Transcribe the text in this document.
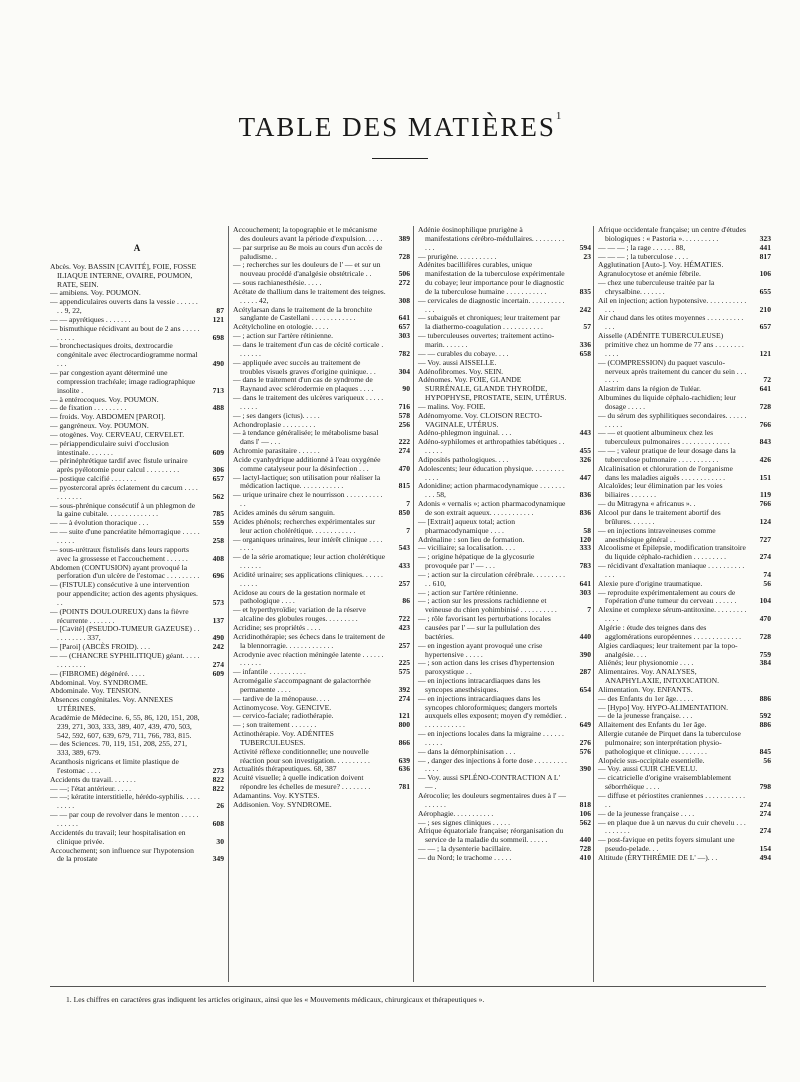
TABLE DES MATIÈRES$^1$
A
Abcès. Voy. BASSIN [CAVITÉ], FOIE, FOSSE ILIAQUE INTERNE, OVAIRE, POUMON, RATE, SEIN.
— amibiens. Voy. POUMON.
— appendiculaires ouverts dans la vessie . . . . . . . . 9, 22,	87
— — apyrétiques . . . . . . .	121
— bismuthique récidivant au bout de 2 ans . . . . . . . . . .	698
— bronchectasiques droits, dextrocardie congénitale avec électrocardiogramme normal . . .	490
— par congestion ayant déterminé une compression trachéale; image radiographique insolite .	713
— à entérocoques. Voy. POUMON.
— de fixation . . . . . . . . .	488
— froids. Voy. ABDOMEN [PAROI].
— gangréneux. Voy. POUMON.
— otogènes. Voy. CERVEAU, CERVELET.
— périappendiculaire suivi d'occlusion intestinale. . . . . . .	609
— périnéphrétique tardif avec fistule urinaire après pyélotomie pour calcul . . . . . . . . .	306
— postique calcifié . . . . . . .	657
— pyostercoral après éclatement du cæcum . . . . . . . . . . .	562
— sous-phrénique consécutif à un phlegmon de la gaine cubitale. . . . . . . . . . . . . .	785
— — à évolution thoracique . . .	559
— — suite d'une pancréatite hémorragique . . . . . . . . . .	258
— sous-urétraux fistulisés dans leurs rapports avec la grossesse et l'accouchement . . . . . .	408
Abdomen (CONTUSION) ayant provoqué la perforation d'un ulcère de l'estomac . . . . . . . . . 696
— (FISTULE) consécutive à une intervention pour appendicite; action des agents physiques. . .	573
— (POINTS DOULOUREUX) dans la fièvre récurrente . . . . . . .	137
— [Cavité] (PSEUDO-TUMEUR GAZEUSE) . . . . . . . . . . 337,	490
— [Paroi] (ABCÈS FROID). . . .	242
— — (CHANCRE SYPHILITIQUE) géant. . . . . . . . . . . . .	274
— (FIBROME) dégénéré. . . . .	609
Abdominal. Voy. SYNDROME.
Abdominale. Voy. TENSION.
Absences congénitales. Voy. ANNEXES UTÉRINES.
Académie de Médecine. 6, 55, 86, 120, 151, 208, 239, 271, 303, 333, 389, 407, 439, 470, 503, 542, 592, 607, 639, 679, 711, 766, 783, 815.
— des Sciences. 70, 119, 151, 208, 255, 271, 333, 389, 679.
Acanthosis nigricans et limite plastique de l'estomac . . . .	273
Accidents du travail. . . . . . .	822
— —; l'état antérieur. . . . .	822
— —; kératite interstitielle, hérédo-syphilis. . . . . . . . . .	26
— — par coup de revolver dans le menton . . . . . . . . . . .	608
Accidentés du travail; leur hospitalisation en clinique privée.	30
Accouchement; son influence sur l'hypotension de la prostate	349
Accouchement; la topographie et le mécanisme des douleurs avant la période d'expulsion. . . . . 389
— par surprise au 8e mois au cours d'un accès de paludisme. .	728
— ; recherches sur les douleurs de l' — et sur un nouveau procédé d'analgésie obstétricale . .	506
— sous rachianesthésie. . . . .	272
Acétate de thallium dans le traitement des teignes. . . . . . 42,	308
Acétylarsan dans le traitement de la bronchite sanglante de Castellani . . . . . . . . . . . .	641
Acétylcholine en otologie. . . . .	657
— ; action sur l'artère rétinienne.	303
— dans le traitement d'un cas de cécité corticale . . . . . . .	782
— appliquée avec succès au traitement de troubles visuels graves d'origine quinique. . .	304
— dans le traitement d'un cas de syndrome de Raynaud avec sclérodermie en plaques . . . .	90
— dans le traitement des ulcères variqueux . . . . . . . . . .	716
— ; ses dangers (ictus). . . . .	578
Achondroplasie . . . . . . . . .	256
— à tendance généralisée; le métabolisme basal dans l' — . . .	222
Achromie parasitaire . . . . . .	274
Acide cyanhydrique additionné à l'eau oxygénée comme catalyseur pour la désinfection . . .	470
— lactyl-lactique; son utilisation pour réaliser la médication lactique. . . . . . . . . . . .	815
— urique urinaire chez le nourrisson . . . . . . . . . . . .	7
Acides aminés du sérum sanguin.	850
Acides phénols; recherches expérimentales sur leur action cholérétique. . . . . . . . . . . .	7
— organiques urinaires, leur intérêt clinique . . . . . . . .	543
— de la série aromatique; leur action cholérétique . . . . . .	433
Acidité urinaire; ses applications cliniques. . . . . . . . . . .	257
Acidose au cours de la gestation normale et pathologique . . . .	86
— et hyperthyroïdie; variation de la réserve alcaline des globules rouges. . . . . . . . .	722
Acridine; ses propriétés . . . .	423
Acridinothérapie; ses échecs dans le traitement de la blennorragie. . . . . . . . . . . . .	257
Acrodynie avec réaction méningée latente . . . . . . . . . . . .	225
— infantile . . . . . . . . . .	575
Acromégalie s'accompagnant de galactorrhée permanente . . . .	392
— tardive de la ménopause. . . .	274
Actinomycose. Voy. GENCIVE.
— cervico-faciale; radiothérapie.	121
— ; son traitement . . . . . . .	800
Actinothérapie. Voy. ADÉNITES TUBERCULEUSES.	866
Activité réflexe conditionnelle; une nouvelle réaction pour son investigation. . . . . . . . . .	639
Actualités thérapeutiques. 68, 387	636
Acuité visuelle; à quelle indication doivent répondre les échelles de mesure? . . . . . . . .	781
Adamantins. Voy. KYSTES.
Addisonien. Voy. SYNDROME.
Adénie éosinophilique prurigène à manifestations cérébro-médullaires. . . . . . . . . . . .	594
— prurigène. . . . . . . . . . .	23
Adénites bacillifères curables, unique manifestation de la tuberculose expérimentale du cobaye; leur importance pour le diagnostic de la tuberculose humaine . . . . . . . . . . .	835
— cervicales de diagnostic incertain. . . . . . . . . . . . .	242
— subaiguës et chroniques; leur traitement par la diathermo-coagulation . . . . . . . . . . .	57
— tuberculeuses ouvertes; traitement actino-marin. . . . . . .	336
— — curables du cobaye. . . .	658
— Voy. aussi AISSELLE.
Adénofibromes. Voy. SEIN.
Adénomes. Voy. FOIE, GLANDE SURRÉNALE, GLANDE THYROÏDE, HYPOPHYSE, PROSTATE, SEIN, UTÉRUS.
— malins. Voy. FOIE.
Adénomyome. Voy. CLOISON RECTO-VAGINALE, UTÉRUS.
Adéno-phlegmon inguinal. . . .	443
Adéno-syphilomes et arthropathies tabétiques . . . . . . .	455
Adiposités pathologiques. . . .	326
Adolescents; leur éducation physique. . . . . . . . . . . . .	447
Adonidine; action pharmacodynamique . . . . . . . . . . 58,	836
Adonis « vernalis »; action pharmacodynamique de son extrait aqueux. . . . . . . . . . . .	836
— [Extrait] aqueux total; action pharmacodynamique . . . .	58
Adrénaline : son lieu de formation.	120
— viciliaire; sa localisation. . . .	333
— ; origine hépatique de la glycosurie provoquée par l' — . . .	783
— ; action sur la circulation cérébrale. . . . . . . . . . . 610,	641
— ; action sur l'artère rétinienne.	303
— ; action sur les pressions rachidienne et veineuse du chien yohimbinisé . . . . . . . . . .	7
— ; rôle favorisant les perturbations locales causées par l' — sur la pullulation des bactéries.	440
— en ingestion ayant provoqué une crise hypertensive . . . . .	390
— ; son action dans les crises d'hypertension paroxystique . .	287
— en injections intracardiaques dans les syncopes anesthésiques.	654
— en injections intracardiaques dans les syncopes chloroformiques; dangers mortels auxquels elles exposent; moyen d'y remédier. . . . . . . . . . . . .	649
— en injections locales dans la migraine . . . . . . . . . . .	276
— dans la démorphinisation . . .	576
— , danger des injections à forte dose . . . . . . . . . . . . .	390
— Voy. aussi SPLÉNO-CONTRACTION A L' — .
Aérocolie; les douleurs segmentaires dues à l' — . . . . . .	818
Aérophagie. . . . . . . . . . .	106
— ; ses signes cliniques . . . . .	562
Afrique équatoriale française; réorganisation du service de la maladie du sommeil. . . . . .	440
— — ; la dysenterie bacillaire.	728
— du Nord; le trachome . . . . .	410
Afrique occidentale française; un centre d'études biologiques : « Pastoria ». . . . . . . . . .	323
— — — ; la rage . . . . . . 88,	441
— — — ; la tuberculose . . . .	817
Agglutination [Auto-]. Voy. HÉMATIES.
Agranulocytose et anémie fébrile.	106
— chez une tuberculeuse traitée par la chrysalbine. . . . . . .	655
Ail en injection; action hypotensive. . . . . . . . . . . . . .	210
Air chaud dans les otites moyennes . . . . . . . . . . . . .	657
Aisselle (ADÉNITE TUBERCULEUSE) primitive chez un homme de 77 ans . . . . . . . . . . . .	121
— (COMPRESSION) du paquet vasculo-nerveux après traitement du cancer du sein . . . . . . .	72
Alastrim dans la région de Tuléar.	641
Albumines du liquide céphalo-rachidien; leur dosage . . . . .	728
— du sérum des syphilitiques secondaires. . . . . . . . . . .	766
— — et quotient albumineux chez les tuberculeux pulmonaires . . . . . . . . . . . . .	843
— — ; valeur pratique de leur dosage dans la tuberculose pulmonaire . . . . . . . . . . .	426
Alcalinisation et chloruration de l'organisme dans les maladies aiguës . . . . . . . . . . . .	151
Alcaloïdes; leur élimination par les voies biliaires . . . . . . .	119
— du Mitragyna « africanus ». .	766
Alcool pur dans le traitement abortif des brûlures. . . . . . .	124
— en injections intraveineuses comme anesthésique général . .	727
Alcoolisme et Épilepsie, modification transitoire du liquide céphalo-rachidien . . . . . . . . .	274
— récidivant d'exaltation maniaque . . . . . . . . . . . . .	74
Alexie pure d'origine traumatique.	56
— reproduite expérimentalement au cours de l'opération d'une tumeur du cerveau . . . . . .	104
Alexine et complexe sérum-antitoxine. . . . . . . . . . . . .	470
Algérie : étude des teignes dans des agglomérations européennes . . . . . . . . . . . . . 728
Algies cardiaques; leur traitement par la topo-analgésie. . . .	759
Aliénés; leur physionomie . . . .	384
Alimentaires. Voy. ANALYSES, ANAPHYLAXIE, INTOXICATION.
Alimentation. Voy. ENFANTS.
— des Enfants du 1er âge. . . . .	886
— [Hypo] Voy. HYPO-ALIMENTATION.
— de la jeunesse française. . . .	592
Allaitement des Enfants du 1er âge.	886
Allergie cutanée de Pirquet dans la tuberculose pulmonaire; son interprétation physio-pathologique et clinique. . . . . . . .	845
Alopécie sus-occipitale essentielle.	56
— Voy. aussi CUIR CHEVELU.
— cicatricielle d'origine vraisemblablement séborrhéique . . . .	798
— diffuse et périostites craniennes . . . . . . . . . . . . .	274
— de la jeunesse française . . . .	274
— en plaque due à un nævus du cuir chevelu . . . . . . . . . .	274
— post-favique en petits foyers simulant une pseudo-pelade. . .	154
Altitude (ÉRYTHRÉMIE DE L' —). . .	494
1. Les chiffres en caractères gras indiquent les articles originaux, ainsi que les « Mouvements médicaux, chirurgicaux et thérapeutiques ».
